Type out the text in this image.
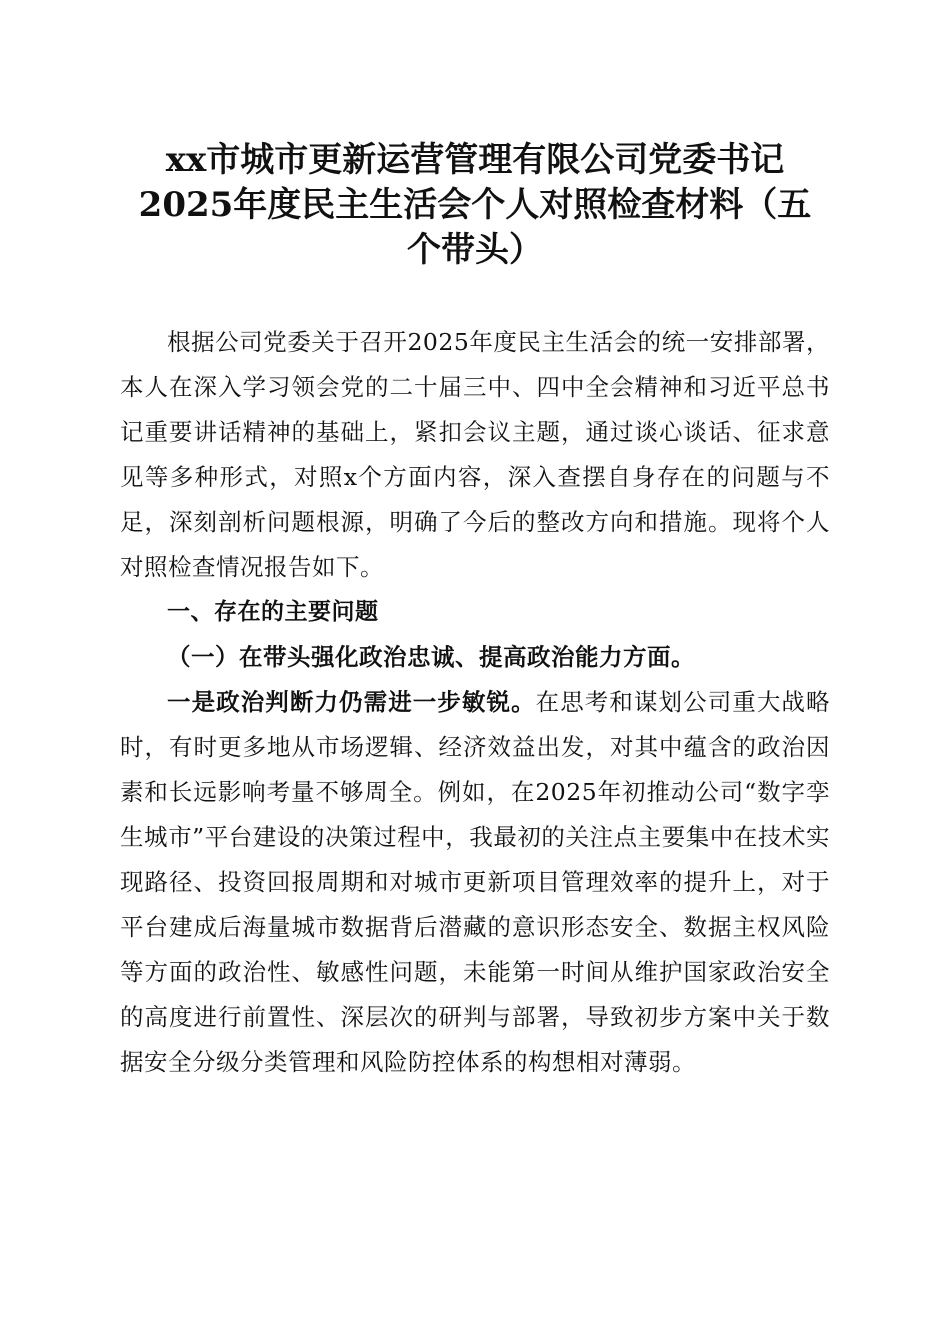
xx市城市更新运营管理有限公司党委书记
2025年度民主生活会个人对照检查材料（五
个带头）

根据公司党委关于召开2025年度民主生活会的统一安排部署，本人在深入学习领会党的二十届三中、四中全会精神和习近平总书记重要讲话精神的基础上，紧扣会议主题，通过谈心谈话、征求意见等多种形式，对照x个方面内容，深入查摆自身存在的问题与不足，深刻剖析问题根源，明确了今后的整改方向和措施。现将个人对照检查情况报告如下。

一、存在的主要问题

（一）在带头强化政治忠诚、提高政治能力方面。

一是政治判断力仍需进一步敏锐。在思考和谋划公司重大战略时，有时更多地从市场逻辑、经济效益出发，对其中蕴含的政治因素和长远影响考量不够周全。例如，在2025年初推动公司“数字孪生城市”平台建设的决策过程中，我最初的关注点主要集中在技术实现路径、投资回报周期和对城市更新项目管理效率的提升上，对于平台建成后海量城市数据背后潜藏的意识形态安全、数据主权风险等方面的政治性、敏感性问题，未能第一时间从维护国家政治安全的高度进行前置性、深层次的研判与部署，导致初步方案中关于数据安全分级分类管理和风险防控体系的构想相对薄弱。
